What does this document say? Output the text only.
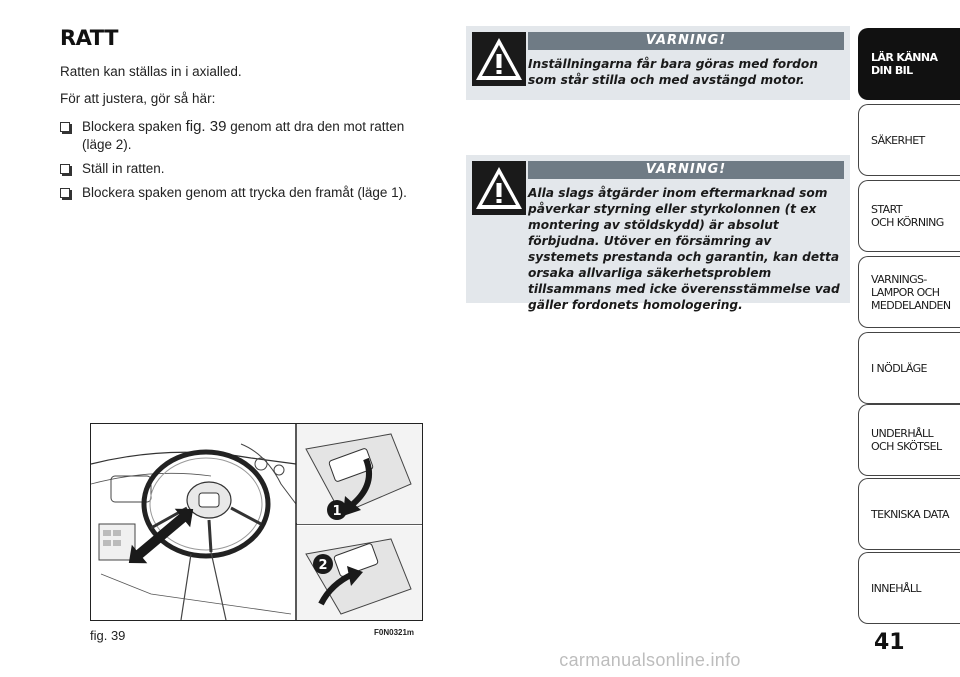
RATT

Ratten kan ställas in i axialled.

För att justera, gör så här:

Blockera spaken fig. 39 genom att dra den mot ratten (läge 2).
Ställ in ratten.
Blockera spaken genom att trycka den framåt (läge 1).
VARNING!
Inställningarna får bara göras med fordon som står stilla och med avstängd motor.
VARNING!
Alla slags åtgärder inom eftermarknad som påverkar styrning eller styrkolonnen (t ex montering av stöldskydd) är absolut förbjudna. Utöver en försämring av systemets prestanda och garantin, kan detta orsaka allvarliga säkerhetsproblem tillsammans med icke överensstämmelse vad gäller fordonets homologering.
1
2
fig. 39	F0N0321m
LÄR KÄNNA
DIN BIL
SÄKERHET
START
OCH KÖRNING
VARNINGS-
LAMPOR OCH
MEDDELANDEN
I NÖDLÄGE
UNDERHÅLL
OCH SKÖTSEL
TEKNISKA DATA
INNEHÅLL
41
carmanualsonline.info
